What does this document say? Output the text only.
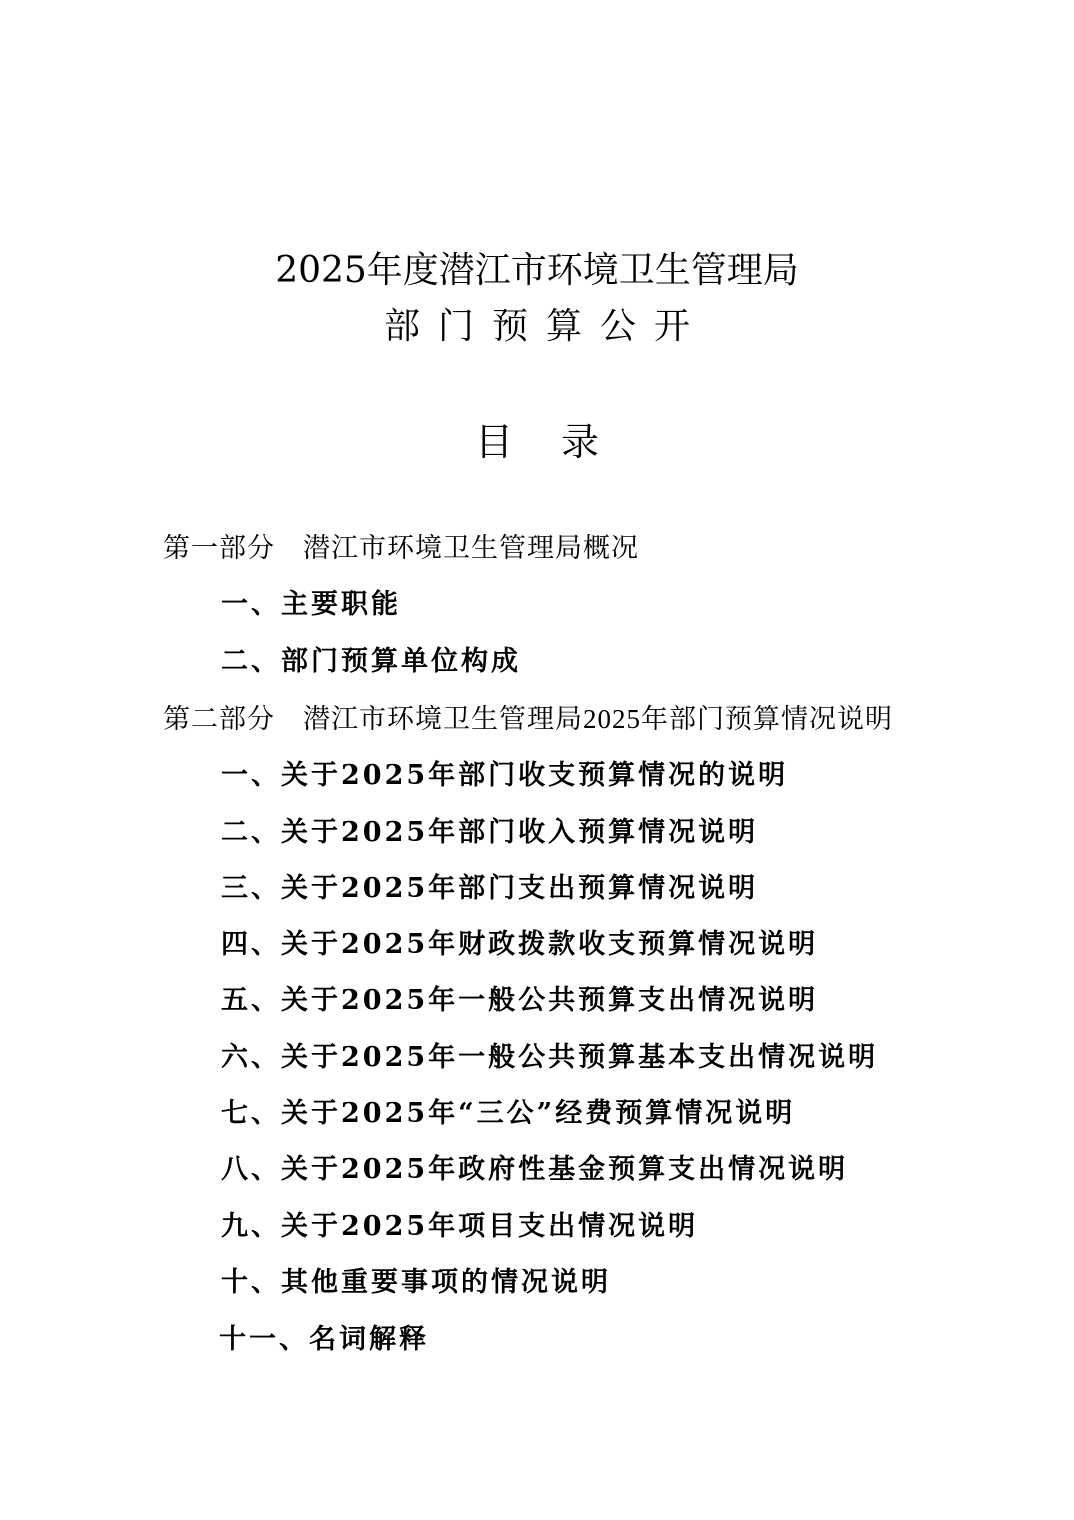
2025年度潜江市环境卫生管理局
部门预算公开
目录
第一部分　潜江市环境卫生管理局概况
一、主要职能
二、部门预算单位构成
第二部分　潜江市环境卫生管理局2025年部门预算情况说明
一、关于2025年部门收支预算情况的说明
二、关于2025年部门收入预算情况说明
三、关于2025年部门支出预算情况说明
四、关于2025年财政拨款收支预算情况说明
五、关于2025年一般公共预算支出情况说明
六、关于2025年一般公共预算基本支出情况说明
七、关于2025年“三公”经费预算情况说明
八、关于2025年政府性基金预算支出情况说明
九、关于2025年项目支出情况说明
十、其他重要事项的情况说明
十一、名词解释
